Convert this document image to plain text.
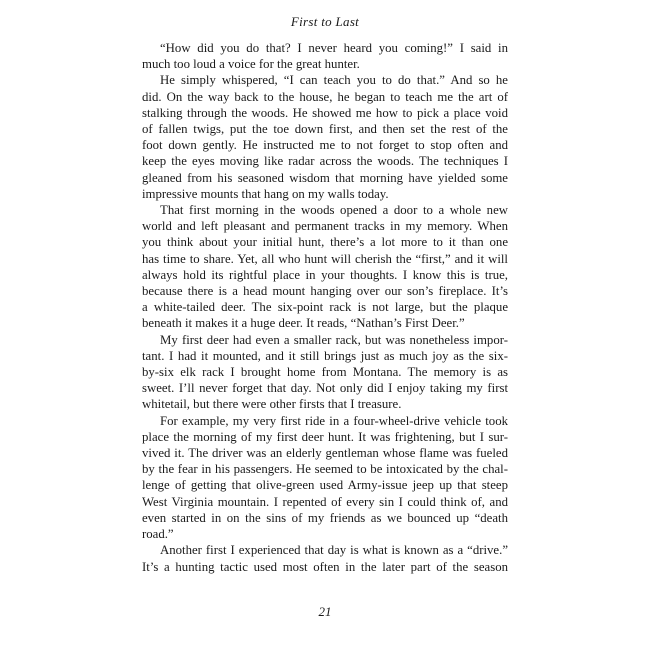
First to Last

“How did you do that? I never heard you coming!” I said in
much too loud a voice for the great hunter.

He simply whispered, “I can teach you to do that.” And so he
did. On the way back to the house, he began to teach me the art of
stalking through the woods. He showed me how to pick a place void
of fallen twigs, put the toe down first, and then set the rest of the
foot down gently. He instructed me to not forget to stop often and
keep the eyes moving like radar across the woods. The techniques I
gleaned from his seasoned wisdom that morning have yielded some
impressive mounts that hang on my walls today.

That first morning in the woods opened a door to a whole new
world and left pleasant and permanent tracks in my memory. When
you think about your initial hunt, there’s a lot more to it than one
has time to share. Yet, all who hunt will cherish the “first,” and it will
always hold its rightful place in your thoughts. I know this is true,
because there is a head mount hanging over our son’s fireplace. It’s
a white-tailed deer. The six-point rack is not large, but the plaque
beneath it makes it a huge deer. It reads, “Nathan’s First Deer.”

My first deer had even a smaller rack, but was nonetheless impor-
tant. I had it mounted, and it still brings just as much joy as the six-
by-six elk rack I brought home from Montana. The memory is as
sweet. I’ll never forget that day. Not only did I enjoy taking my first
whitetail, but there were other firsts that I treasure.

For example, my very first ride in a four-wheel-drive vehicle took
place the morning of my first deer hunt. It was frightening, but I sur-
vived it. The driver was an elderly gentleman whose flame was fueled
by the fear in his passengers. He seemed to be intoxicated by the chal-
lenge of getting that olive-green used Army-issue jeep up that steep
West Virginia mountain. I repented of every sin I could think of, and
even started in on the sins of my friends as we bounced up “death
road.”

Another first I experienced that day is what is known as a “drive.”
It’s a hunting tactic used most often in the later part of the season

21
